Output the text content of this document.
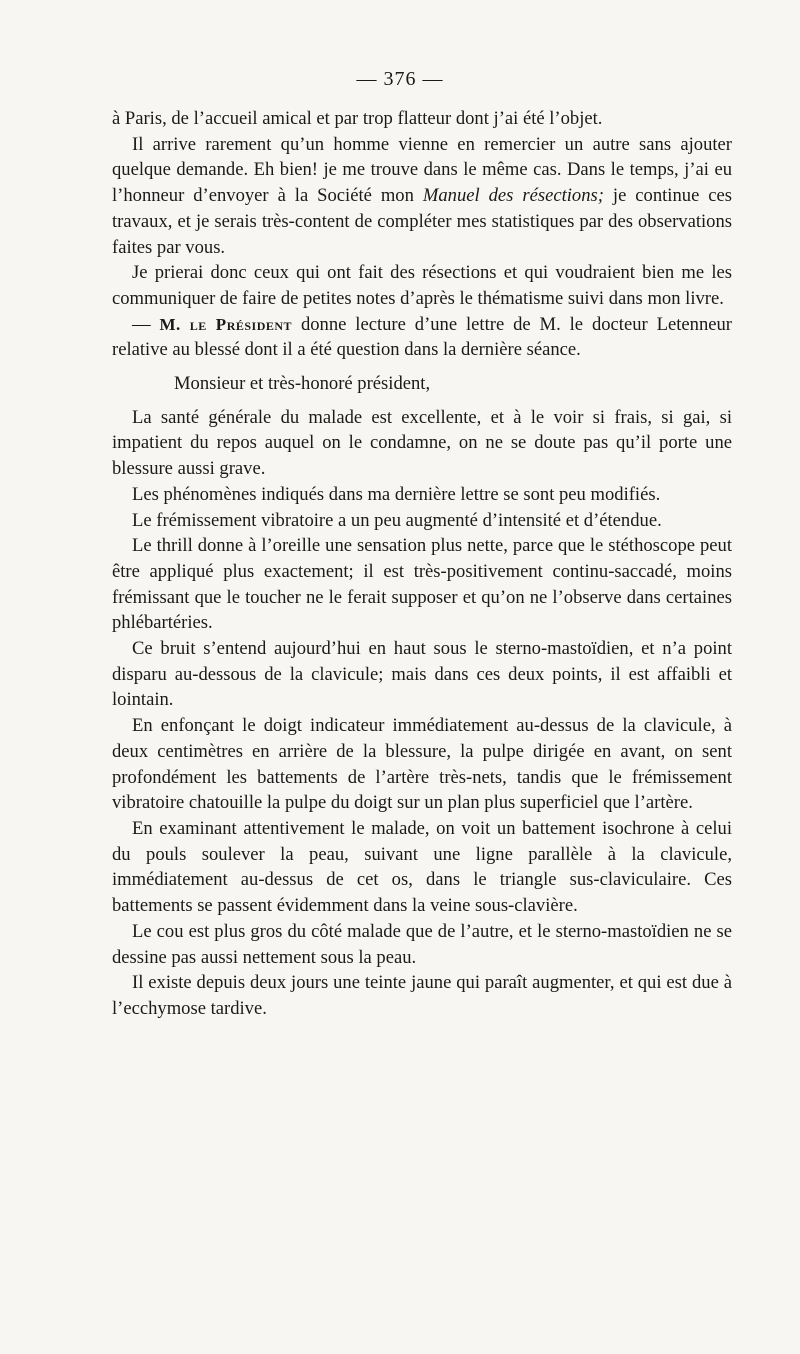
— 376 —

à Paris, de l’accueil amical et par trop flatteur dont j’ai été l’objet.

Il arrive rarement qu’un homme vienne en remercier un autre sans ajouter quelque demande. Eh bien! je me trouve dans le même cas. Dans le temps, j’ai eu l’honneur d’envoyer à la Société mon Manuel des résections; je continue ces travaux, et je serais très-content de compléter mes statistiques par des observations faites par vous.

Je prierai donc ceux qui ont fait des résections et qui voudraient bien me les communiquer de faire de petites notes d’après le thématisme suivi dans mon livre.

— M. le Président donne lecture d’une lettre de M. le docteur Letenneur relative au blessé dont il a été question dans la dernière séance.

Monsieur et très-honoré président,

La santé générale du malade est excellente, et à le voir si frais, si gai, si impatient du repos auquel on le condamne, on ne se doute pas qu’il porte une blessure aussi grave.

Les phénomènes indiqués dans ma dernière lettre se sont peu modifiés.

Le frémissement vibratoire a un peu augmenté d’intensité et d’étendue.

Le thrill donne à l’oreille une sensation plus nette, parce que le stéthoscope peut être appliqué plus exactement; il est très-positivement continu-saccadé, moins frémissant que le toucher ne le ferait supposer et qu’on ne l’observe dans certaines phlébartéries.

Ce bruit s’entend aujourd’hui en haut sous le sterno-mastoïdien, et n’a point disparu au-dessous de la clavicule; mais dans ces deux points, il est affaibli et lointain.

En enfonçant le doigt indicateur immédiatement au-dessus de la clavicule, à deux centimètres en arrière de la blessure, la pulpe dirigée en avant, on sent profondément les battements de l’artère très-nets, tandis que le frémissement vibratoire chatouille la pulpe du doigt sur un plan plus superficiel que l’artère.

En examinant attentivement le malade, on voit un battement isochrone à celui du pouls soulever la peau, suivant une ligne parallèle à la clavicule, immédiatement au-dessus de cet os, dans le triangle sus-claviculaire. Ces battements se passent évidemment dans la veine sous-clavière.

Le cou est plus gros du côté malade que de l’autre, et le sterno-mastoïdien ne se dessine pas aussi nettement sous la peau.

Il existe depuis deux jours une teinte jaune qui paraît augmenter, et qui est due à l’ecchymose tardive.
